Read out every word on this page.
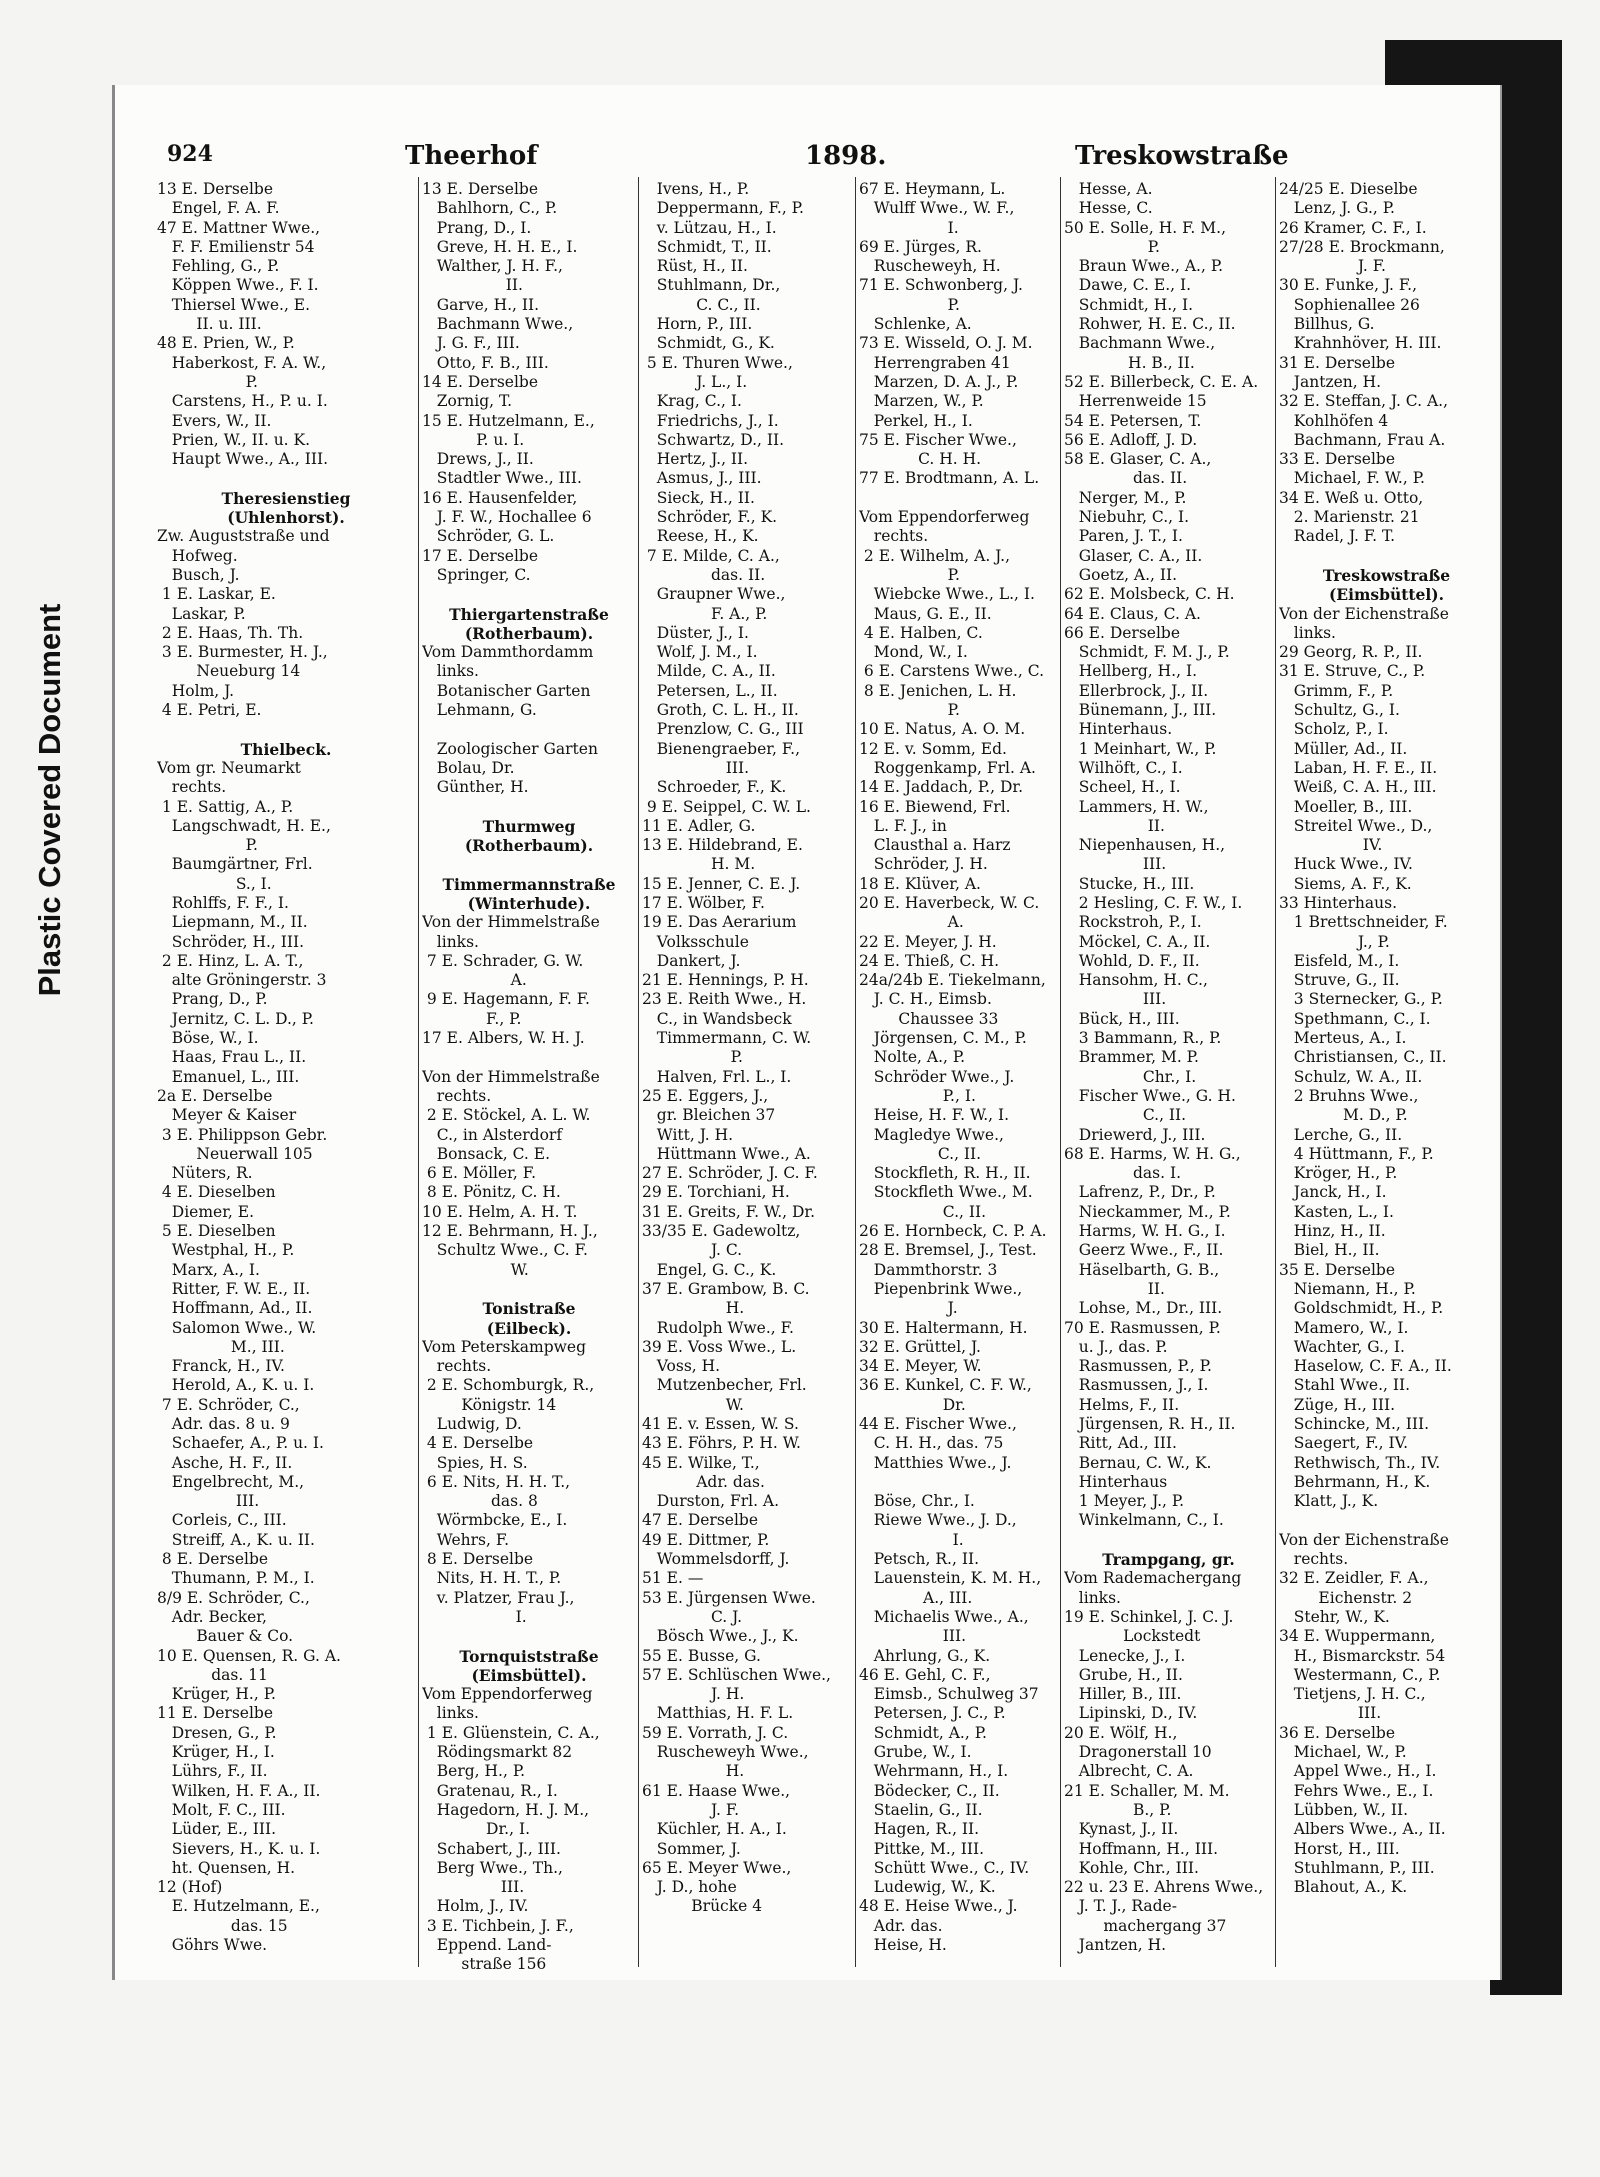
Plastic Covered Document
924	Theerhof	1898.	Treskowstraße
13 E. Derselbe
Engel, F. A. F.
47 E. Mattner Wwe.,
F. F. Emilienstr 54
Fehling, G., P.
Köppen Wwe., F. I.
Thiersel Wwe., E.
II. u. III.
48 E. Prien, W., P.
Haberkost, F. A. W.,
P.
Carstens, H., P. u. I.
Evers, W., II.
Prien, W., II. u. K.
Haupt Wwe., A., III.

Theresienstieg
(Uhlenhorst).
Zw. Auguststraße und
Hofweg.
Busch, J.
1 E. Laskar, E.
Laskar, P.
2 E. Haas, Th. Th.
3 E. Burmester, H. J.,
Neueburg 14
Holm, J.
4 E. Petri, E.

Thielbeck.
Vom gr. Neumarkt
rechts.
1 E. Sattig, A., P.
Langschwadt, H. E.,
P.
Baumgärtner, Frl.
S., I.
Rohlffs, F. F., I.
Liepmann, M., II.
Schröder, H., III.
2 E. Hinz, L. A. T.,
alte Gröningerstr. 3
Prang, D., P.
Jernitz, C. L. D., P.
Böse, W., I.
Haas, Frau L., II.
Emanuel, L., III.
2a E. Derselbe
Meyer & Kaiser
3 E. Philippson Gebr.
Neuerwall 105
Nüters, R.
4 E. Dieselben
Diemer, E.
5 E. Dieselben
Westphal, H., P.
Marx, A., I.
Ritter, F. W. E., II.
Hoffmann, Ad., II.
Salomon Wwe., W.
M., III.
Franck, H., IV.
Herold, A., K. u. I.
7 E. Schröder, C.,
Adr. das. 8 u. 9
Schaefer, A., P. u. I.
Asche, H. F., II.
Engelbrecht, M.,
III.
Corleis, C., III.
Streiff, A., K. u. II.
8 E. Derselbe
Thumann, P. M., I.
8/9 E. Schröder, C.,
Adr. Becker,
Bauer & Co.
10 E. Quensen, R. G. A.
das. 11
Krüger, H., P.
11 E. Derselbe
Dresen, G., P.
Krüger, H., I.
Lührs, F., II.
Wilken, H. F. A., II.
Molt, F. C., III.
Lüder, E., III.
Sievers, H., K. u. I.
ht. Quensen, H.
12 (Hof)
E. Hutzelmann, E.,
das. 15
Göhrs Wwe.
13 E. Derselbe
Bahlhorn, C., P.
Prang, D., I.
Greve, H. H. E., I.
Walther, J. H. F.,
II.
Garve, H., II.
Bachmann Wwe.,
J. G. F., III.
Otto, F. B., III.
14 E. Derselbe
Zornig, T.
15 E. Hutzelmann, E.,
P. u. I.
Drews, J., II.
Stadtler Wwe., III.
16 E. Hausenfelder,
J. F. W., Hochallee 6
Schröder, G. L.
17 E. Derselbe
Springer, C.

Thiergartenstraße
(Rotherbaum).
Vom Dammthordamm
links.
Botanischer Garten
Lehmann, G.

Zoologischer Garten
Bolau, Dr.
Günther, H.

Thurmweg
(Rotherbaum).

Timmermannstraße
(Winterhude).
Von der Himmelstraße
links.
7 E. Schrader, G. W.
A.
9 E. Hagemann, F. F.
F., P.
17 E. Albers, W. H. J.

Von der Himmelstraße
rechts.
2 E. Stöckel, A. L. W.
C., in Alsterdorf
Bonsack, C. E.
6 E. Möller, F.
8 E. Pönitz, C. H.
10 E. Helm, A. H. T.
12 E. Behrmann, H. J.,
Schultz Wwe., C. F.
W.

Tonistraße
(Eilbeck).
Vom Peterskampweg
rechts.
2 E. Schomburgk, R.,
Königstr. 14
Ludwig, D.
4 E. Derselbe
Spies, H. S.
6 E. Nits, H. H. T.,
das. 8
Wörmbcke, E., I.
Wehrs, F.
8 E. Derselbe
Nits, H. H. T., P.
v. Platzer, Frau J.,
I.

Tornquiststraße
(Eimsbüttel).
Vom Eppendorferweg
links.
1 E. Glüenstein, C. A.,
Rödingsmarkt 82
Berg, H., P.
Gratenau, R., I.
Hagedorn, H. J. M.,
Dr., I.
Schabert, J., III.
Berg Wwe., Th.,
III.
Holm, J., IV.
3 E. Tichbein, J. F.,
Eppend. Land-
straße 156
Ivens, H., P.
Deppermann, F., P.
v. Lützau, H., I.
Schmidt, T., II.
Rüst, H., II.
Stuhlmann, Dr.,
C. C., II.
Horn, P., III.
Schmidt, G., K.
5 E. Thuren Wwe.,
J. L., I.
Krag, C., I.
Friedrichs, J., I.
Schwartz, D., II.
Hertz, J., II.
Asmus, J., III.
Sieck, H., II.
Schröder, F., K.
Reese, H., K.
7 E. Milde, C. A.,
das. II.
Graupner Wwe.,
F. A., P.
Düster, J., I.
Wolf, J. M., I.
Milde, C. A., II.
Petersen, L., II.
Groth, C. L. H., II.
Prenzlow, C. G., III
Bienengraeber, F.,
III.
Schroeder, F., K.
9 E. Seippel, C. W. L.
11 E. Adler, G.
13 E. Hildebrand, E.
H. M.
15 E. Jenner, C. E. J.
17 E. Wölber, F.
19 E. Das Aerarium
Volksschule
Dankert, J.
21 E. Hennings, P. H.
23 E. Reith Wwe., H.
C., in Wandsbeck
Timmermann, C. W.
P.
Halven, Frl. L., I.
25 E. Eggers, J.,
gr. Bleichen 37
Witt, J. H.
Hüttmann Wwe., A.
27 E. Schröder, J. C. F.
29 E. Torchiani, H.
31 E. Greits, F. W., Dr.
33/35 E. Gadewoltz,
J. C.
Engel, G. C., K.
37 E. Grambow, B. C.
H.
Rudolph Wwe., F.
39 E. Voss Wwe., L.
Voss, H.
Mutzenbecher, Frl.
W.
41 E. v. Essen, W. S.
43 E. Föhrs, P. H. W.
45 E. Wilke, T.,
Adr. das.
Durston, Frl. A.
47 E. Derselbe
49 E. Dittmer, P.
Wommelsdorff, J.
51 E. —
53 E. Jürgensen Wwe.
C. J.
Bösch Wwe., J., K.
55 E. Busse, G.
57 E. Schlüschen Wwe.,
J. H.
Matthias, H. F. L.
59 E. Vorrath, J. C.
Ruscheweyh Wwe.,
H.
61 E. Haase Wwe.,
J. F.
Küchler, H. A., I.
Sommer, J.
65 E. Meyer Wwe.,
J. D., hohe
Brücke 4
67 E. Heymann, L.
Wulff Wwe., W. F.,
I.
69 E. Jürges, R.
Ruscheweyh, H.
71 E. Schwonberg, J.
P.
Schlenke, A.
73 E. Wisseld, O. J. M.
Herrengraben 41
Marzen, D. A. J., P.
Marzen, W., P.
Perkel, H., I.
75 E. Fischer Wwe.,
C. H. H.
77 E. Brodtmann, A. L.

Vom Eppendorferweg
rechts.
2 E. Wilhelm, A. J.,
P.
Wiebcke Wwe., L., I.
Maus, G. E., II.
4 E. Halben, C.
Mond, W., I.
6 E. Carstens Wwe., C.
8 E. Jenichen, L. H.
P.
10 E. Natus, A. O. M.
12 E. v. Somm, Ed.
Roggenkamp, Frl. A.
14 E. Jaddach, P., Dr.
16 E. Biewend, Frl.
L. F. J., in
Clausthal a. Harz
Schröder, J. H.
18 E. Klüver, A.
20 E. Haverbeck, W. C.
A.
22 E. Meyer, J. H.
24 E. Thieß, C. H.
24a/24b E. Tiekelmann,
J. C. H., Eimsb.
Chaussee 33
Jörgensen, C. M., P.
Nolte, A., P.
Schröder Wwe., J.
P., I.
Heise, H. F. W., I.
Magledye Wwe.,
C., II.
Stockfleth, R. H., II.
Stockfleth Wwe., M.
C., II.
26 E. Hornbeck, C. P. A.
28 E. Bremsel, J., Test.
Dammthorstr. 3
Piepenbrink Wwe.,
J.
30 E. Haltermann, H.
32 E. Grüttel, J.
34 E. Meyer, W.
36 E. Kunkel, C. F. W.,
Dr.
44 E. Fischer Wwe.,
C. H. H., das. 75
Matthies Wwe., J.

Böse, Chr., I.
Riewe Wwe., J. D.,
I.
Petsch, R., II.
Lauenstein, K. M. H.,
A., III.
Michaelis Wwe., A.,
III.
Ahrlung, G., K.
46 E. Gehl, C. F.,
Eimsb., Schulweg 37
Petersen, J. C., P.
Schmidt, A., P.
Grube, W., I.
Wehrmann, H., I.
Bödecker, C., II.
Staelin, G., II.
Hagen, R., II.
Pittke, M., III.
Schütt Wwe., C., IV.
Ludewig, W., K.
48 E. Heise Wwe., J.
Adr. das.
Heise, H.
Hesse, A.
Hesse, C.
50 E. Solle, H. F. M.,
P.
Braun Wwe., A., P.
Dawe, C. E., I.
Schmidt, H., I.
Rohwer, H. E. C., II.
Bachmann Wwe.,
H. B., II.
52 E. Billerbeck, C. E. A.
Herrenweide 15
54 E. Petersen, T.
56 E. Adloff, J. D.
58 E. Glaser, C. A.,
das. II.
Nerger, M., P.
Niebuhr, C., I.
Paren, J. T., I.
Glaser, C. A., II.
Goetz, A., II.
62 E. Molsbeck, C. H.
64 E. Claus, C. A.
66 E. Derselbe
Schmidt, F. M. J., P.
Hellberg, H., I.
Ellerbrock, J., II.
Bünemann, J., III.
Hinterhaus.
1 Meinhart, W., P.
Wilhöft, C., I.
Scheel, H., I.
Lammers, H. W.,
II.
Niepenhausen, H.,
III.
Stucke, H., III.
2 Hesling, C. F. W., I.
Rockstroh, P., I.
Möckel, C. A., II.
Wohld, D. F., II.
Hansohm, H. C.,
III.
Bück, H., III.
3 Bammann, R., P.
Brammer, M. P.
Chr., I.
Fischer Wwe., G. H.
C., II.
Driewerd, J., III.
68 E. Harms, W. H. G.,
das. I.
Lafrenz, P., Dr., P.
Nieckammer, M., P.
Harms, W. H. G., I.
Geerz Wwe., F., II.
Häselbarth, G. B.,
II.
Lohse, M., Dr., III.
70 E. Rasmussen, P.
u. J., das. P.
Rasmussen, P., P.
Rasmussen, J., I.
Helms, F., II.
Jürgensen, R. H., II.
Ritt, Ad., III.
Bernau, C. W., K.
Hinterhaus
1 Meyer, J., P.
Winkelmann, C., I.

Trampgang, gr.
Vom Rademachergang
links.
19 E. Schinkel, J. C. J.
Lockstedt
Lenecke, J., I.
Grube, H., II.
Hiller, B., III.
Lipinski, D., IV.
20 E. Wölf, H.,
Dragonerstall 10
Albrecht, C. A.
21 E. Schaller, M. M.
B., P.
Kynast, J., II.
Hoffmann, H., III.
Kohle, Chr., III.
22 u. 23 E. Ahrens Wwe.,
J. T. J., Rade-
machergang 37
Jantzen, H.
24/25 E. Dieselbe
Lenz, J. G., P.
26 Kramer, C. F., I.
27/28 E. Brockmann,
J. F.
30 E. Funke, J. F.,
Sophienallee 26
Billhus, G.
Krahnhöver, H. III.
31 E. Derselbe
Jantzen, H.
32 E. Steffan, J. C. A.,
Kohlhöfen 4
Bachmann, Frau A.
33 E. Derselbe
Michael, F. W., P.
34 E. Weß u. Otto,
2. Marienstr. 21
Radel, J. F. T.

Treskowstraße
(Eimsbüttel).
Von der Eichenstraße
links.
29 Georg, R. P., II.
31 E. Struve, C., P.
Grimm, F., P.
Schultz, G., I.
Scholz, P., I.
Müller, Ad., II.
Laban, H. F. E., II.
Weiß, C. A. H., III.
Moeller, B., III.
Streitel Wwe., D.,
IV.
Huck Wwe., IV.
Siems, A. F., K.
33 Hinterhaus.
1 Brettschneider, F.
J., P.
Eisfeld, M., I.
Struve, G., II.
3 Sternecker, G., P.
Spethmann, C., I.
Merteus, A., I.
Christiansen, C., II.
Schulz, W. A., II.
2 Bruhns Wwe.,
M. D., P.
Lerche, G., II.
4 Hüttmann, F., P.
Kröger, H., P.
Janck, H., I.
Kasten, L., I.
Hinz, H., II.
Biel, H., II.
35 E. Derselbe
Niemann, H., P.
Goldschmidt, H., P.
Mamero, W., I.
Wachter, G., I.
Haselow, C. F. A., II.
Stahl Wwe., II.
Züge, H., III.
Schincke, M., III.
Saegert, F., IV.
Rethwisch, Th., IV.
Behrmann, H., K.
Klatt, J., K.

Von der Eichenstraße
rechts.
32 E. Zeidler, F. A.,
Eichenstr. 2
Stehr, W., K.
34 E. Wuppermann,
H., Bismarckstr. 54
Westermann, C., P.
Tietjens, J. H. C.,
III.
36 E. Derselbe
Michael, W., P.
Appel Wwe., H., I.
Fehrs Wwe., E., I.
Lübben, W., II.
Albers Wwe., A., II.
Horst, H., III.
Stuhlmann, P., III.
Blahout, A., K.
